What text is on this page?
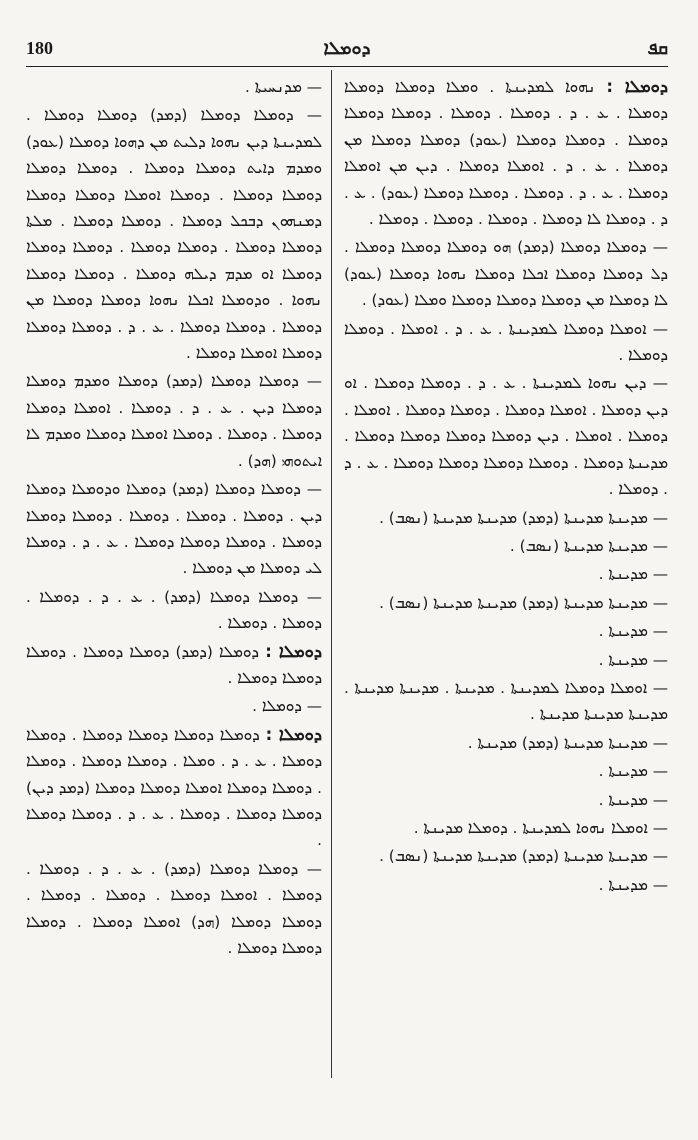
180	ܕܘܡܠܐ	ܩܦ

ܕܘܡܠܐ : ܢܗܘܐ ܠܡܕܝܢܬܐ . ܘܡܠܐ ܕܘܡܠܐ ܕܘܡܠܐ ܕܘܡܠܐ . ܥ . ܕ . ܕܘܡܠܐ . ܕܘܡܠܐ . ܕܘܡܠܐ ܕܘܡܠܐ ܕܘܡܠܐ . ܕܘܡܠܐ ܕܘܡܠܐ (ܥܘܕ) ܕܘܡܠܐ ܕܘܡܠܐ ܡܢ ܕܘܡܠܐ . ܥ . ܕ . ܐܘܡܠܐ ܕܘܡܠܐ . ܕܝܢ ܡܢ ܐܘܡܠܐ ܕܘܡܠܐ . ܥ . ܕ . ܕܘܡܠܐ . ܕܘܡܠܐ ܕܘܡܠܐ (ܥܘܕ) . ܥ . ܕ . ܕܘܡܠܐ ܠܐ ܕܘܡܠܐ . ܕܘܡܠܐ . ܕܘܡܠܐ . ܕܘܡܠܐ .

— ܕܘܡܠܐ ܕܘܡܠܐ (ܕܡܕ) ܗܘ ܕܘܡܠܐ ܕܘܡܠܐ ܕܘܡܠܐ . ܕܠ ܕܘܡܠܐ ܕܘܡܠܐ ܐܟܠܐ ܕܘܡܠܐ ܢܗܘܐ ܕܘܡܠܐ (ܥܘܕ) ܠܐ ܕܘܡܠܐ ܡܢ ܕܘܡܠܐ ܕܘܡܠܐ ܕܘܡܠܐ ܘܡܠܐ (ܥܘܕ) .

— ܐܘܡܠܐ ܕܘܡܠܐ ܠܡܕܝܢܬܐ . ܥ . ܕ . ܐܘܡܠܐ . ܕܘܡܠܐ ܕܘܡܠܐ .

— ܕܝܢ ܢܗܘܐ ܠܡܕܝܢܬܐ . ܥ . ܕ . ܕܘܡܠܐ ܕܘܡܠܐ . ܐܘ ܕܝܢ ܕܘܡܠܐ . ܐܘܡܠܐ ܕܘܡܠܐ . ܕܘܡܠܐ ܕܘܡܠܐ . ܐܘܡܠܐ . ܕܘܡܠܐ . ܐܘܡܠܐ . ܕܝܢ ܕܘܡܠܐ ܕܘܡܠܐ ܕܘܡܠܐ ܕܘܡܠܐ . ܡܕܝܢܬܐ ܕܘܡܠܐ . ܕܘܡܠܐ ܕܘܡܠܐ ܕܘܡܠܐ ܕܘܡܠܐ . ܥ . ܕ . ܕܘܡܠܐ .

— ܡܕܝܢܬܐ ܡܕܝܢܬܐ (ܕܡܕ) ܡܕܝܢܬܐ ܡܕܝܢܬܐ (ܢܣܒ) .

— ܡܕܝܢܬܐ ܡܕܝܢܬܐ (ܢܣܒ) .

— ܡܕܝܢܬܐ .

— ܡܕܝܢܬܐ ܡܕܝܢܬܐ (ܕܡܕ) ܡܕܝܢܬܐ ܡܕܝܢܬܐ (ܢܣܒ) .

— ܡܕܝܢܬܐ .

— ܡܕܝܢܬܐ .

— ܐܘܡܠܐ ܕܘܡܠܐ ܠܡܕܝܢܬܐ . ܡܕܝܢܬܐ . ܡܕܝܢܬܐ ܡܕܝܢܬܐ . ܡܕܝܢܬܐ ܡܕܝܢܬܐ ܡܕܝܢܬܐ .

— ܡܕܝܢܬܐ ܡܕܝܢܬܐ (ܕܡܕ) ܡܕܝܢܬܐ .

— ܡܕܝܢܬܐ .

— ܡܕܝܢܬܐ .

— ܐܘܡܠܐ ܢܗܘܐ ܠܡܕܝܢܬܐ . ܕܘܡܠܐ ܡܕܝܢܬܐ .

— ܡܕܝܢܬܐ ܡܕܝܢܬܐ (ܕܡܕ) ܡܕܝܢܬܐ ܡܕܝܢܬܐ (ܢܣܒ) .

— ܡܕܝܢܬܐ .

— ܡܕܢܚܝܬܐ .

— ܕܘܡܠܐ ܕܘܡܠܐ (ܕܡܕ) ܕܘܡܠܐ ܕܘܡܠܐ . ܠܡܕܝܢܬܐ ܕܝܢ ܢܗܘܐ ܕܠܝܬ ܡܢ ܕܗܘܐ ܕܘܡܠܐ (ܥܘܕ) ܘܡܕܡ ܕܐܝܬ ܕܘܡܠܐ ܕܘܡܠܐ . ܕܘܡܠܐ ܕܘܡܠܐ ܕܘܡܠܐ ܕܘܡܠܐ . ܕܘܡܠܐ ܐܘܡܠܐ ܕܘܡܠܐ ܕܘܡܠܐ ܕܡܢܗܘܢ ܕܒܟܠ ܕܘܡܠܐ . ܕܘܡܠܐ ܕܘܡܠܐ . ܡܠܬܐ ܕܘܡܠܐ ܕܘܡܠܐ . ܕܘܡܠܐ ܕܘܡܠܐ . ܕܘܡܠܐ ܕܘܡܠܐ ܕܘܡܠܐ ܐܘ ܡܕܡ ܕܝܠܗ ܕܘܡܠܐ . ܕܘܡܠܐ ܕܘܡܠܐ ܢܗܘܐ . ܘܕܘܡܠܐ ܐܟܠܐ ܢܗܘܐ ܕܘܡܠܐ ܕܘܡܠܐ ܡܢ ܕܘܡܠܐ . ܕܘܡܠܐ ܕܘܡܠܐ . ܥ . ܕ . ܕܘܡܠܐ ܕܘܡܠܐ ܕܘܡܠܐ ܐܘܡܠܐ ܕܘܡܠܐ .

— ܕܘܡܠܐ ܕܘܡܠܐ (ܕܡܕ) ܕܘܡܠܐ ܘܡܕܡ ܕܘܡܠܐ ܕܘܡܠܐ ܕܝܢ . ܥ . ܕ . ܕܘܡܠܐ . ܐܘܡܠܐ ܕܘܡܠܐ ܕܘܡܠܐ . ܕܘܡܠܐ . ܕܘܡܠܐ ܐܘܡܠܐ ܕܘܡܠܐ ܘܡܕܡ ܠܐ ܐܝܬܘܗܝ (ܗܕ) .

— ܕܘܡܠܐ ܕܘܡܠܐ (ܕܡܕ) ܕܘܡܠܐ ܘܕܘܡܠܐ ܕܘܡܠܐ ܕܝܢ . ܕܘܡܠܐ . ܕܘܡܠܐ . ܕܘܡܠܐ . ܕܘܡܠܐ ܕܘܡܠܐ ܕܘܡܠܐ . ܕܘܡܠܐ ܕܘܡܠܐ ܕܘܡܠܐ . ܥ . ܕ . ܕܘܡܠܐ ܠܝ ܕܘܡܠܐ ܡܢ ܕܘܡܠܐ .

— ܕܘܡܠܐ ܕܘܡܠܐ (ܕܡܕ) . ܥ . ܕ . ܕܘܡܠܐ . ܕܘܡܠܐ . ܕܘܡܠܐ .

ܕܘܡܠܐ : ܕܘܡܠܐ (ܕܡܕ) ܕܘܡܠܐ ܕܘܡܠܐ . ܕܘܡܠܐ ܕܘܡܠܐ ܕܘܡܠܐ .

— ܕܘܡܠܐ .

ܕܘܡܠܐ : ܕܘܡܠܐ ܕܘܡܠܐ ܕܘܡܠܐ ܕܘܡܠܐ . ܕܘܡܠܐ ܕܘܡܠܐ . ܥ . ܕ . ܘܡܠܐ . ܕܘܡܠܐ ܕܘܡܠܐ . ܕܘܡܠܐ . ܕܘܡܠܐ ܕܘܡܠܐ ܐܘܡܠܐ ܕܘܡܠܐ ܕܘܡܠܐ (ܕܡܕ ܕܝܢ) ܕܘܡܠܐ ܕܘܡܠܐ . ܕܘܡܠܐ . ܥ . ܕ . ܕܘܡܠܐ ܕܘܡܠܐ .

— ܕܘܡܠܐ ܕܘܡܠܐ (ܕܡܕ) . ܥ . ܕ . ܕܘܡܠܐ . ܕܘܡܠܐ . ܐܘܡܠܐ ܕܘܡܠܐ . ܕܘܡܠܐ . ܕܘܡܠܐ . ܕܘܡܠܐ ܕܘܡܠܐ (ܗܕ) ܐܘܡܠܐ ܕܘܡܠܐ . ܕܘܡܠܐ ܕܘܡܠܐ ܕܘܡܠܐ .
